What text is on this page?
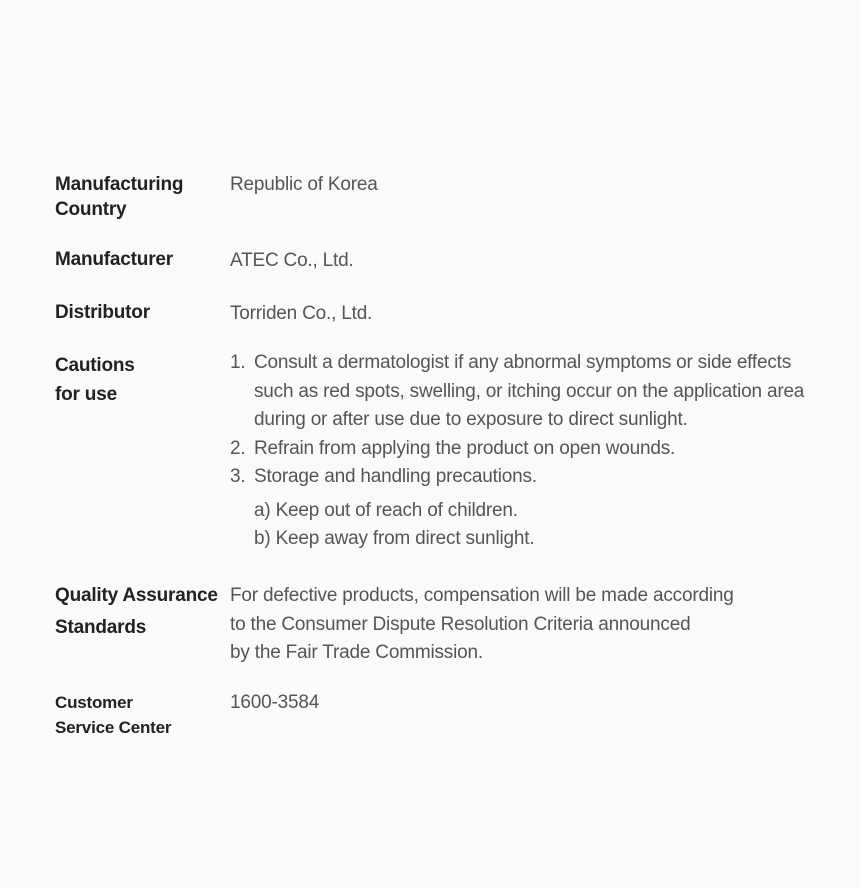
Manufacturing
Country
Republic of Korea
Manufacturer	ATEC Co., Ltd.
Distributor	Torriden Co., Ltd.
Cautions
for use
1. Consult a dermatologist if any abnormal symptoms or side effects
such as red spots, swelling, or itching occur on the application area
during or after use due to exposure to direct sunlight.
2. Refrain from applying the product on open wounds.
3. Storage and handling precautions.
a) Keep out of reach of children.
b) Keep away from direct sunlight.
Quality Assurance
Standards
For defective products, compensation will be made according
to the Consumer Dispute Resolution Criteria announced
by the Fair Trade Commission.
Customer
Service Center
1600-3584
